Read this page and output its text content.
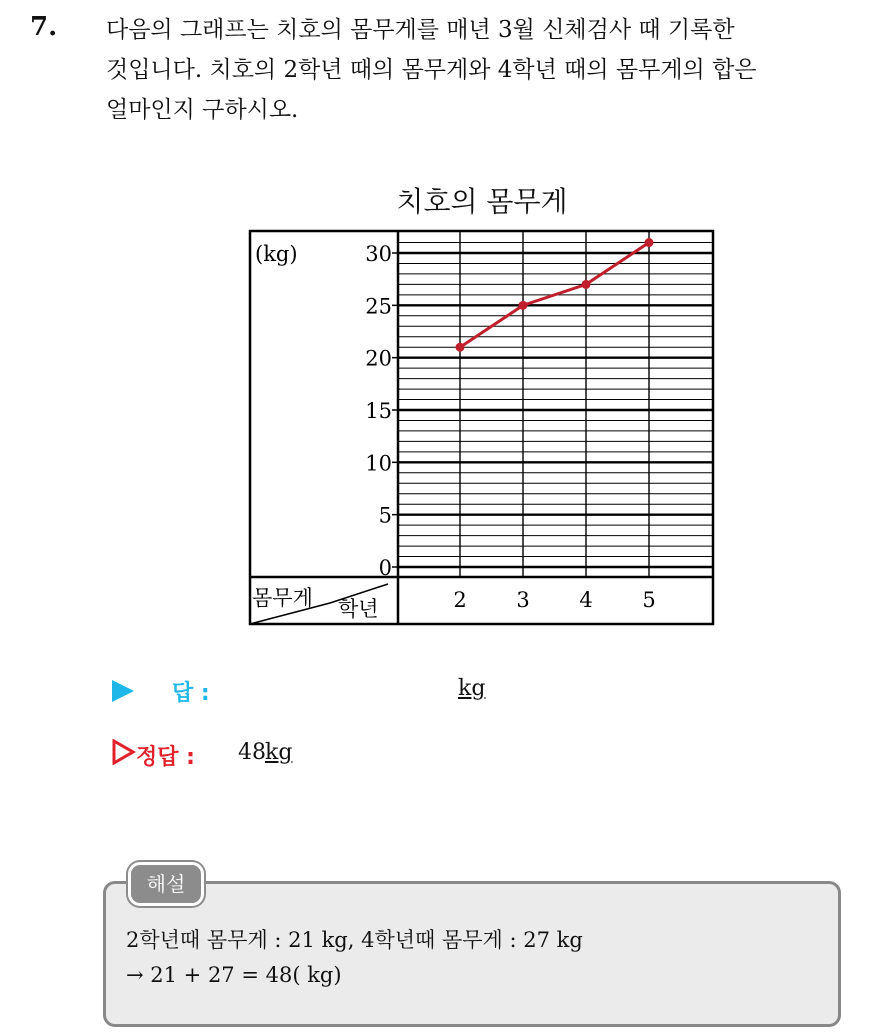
7. 다음의 그래프는 치호의 몸무게를 매년 3월 신체검사 때 기록한
것입니다. 치호의 2학년 때의 몸무게와 4학년 때의 몸무게의 합은
얼마인지 구하시오.
치호의 몸무게
0
5
10
15
20
25
30
(kg)
몸무게 학년	2 3 4 5
답 :	kg
정답 : 48 kg
해설
2학년때 몸무게 : 21 kg, 4학년때 몸무게 : 27 kg
→ 21 + 27 = 48( kg)
